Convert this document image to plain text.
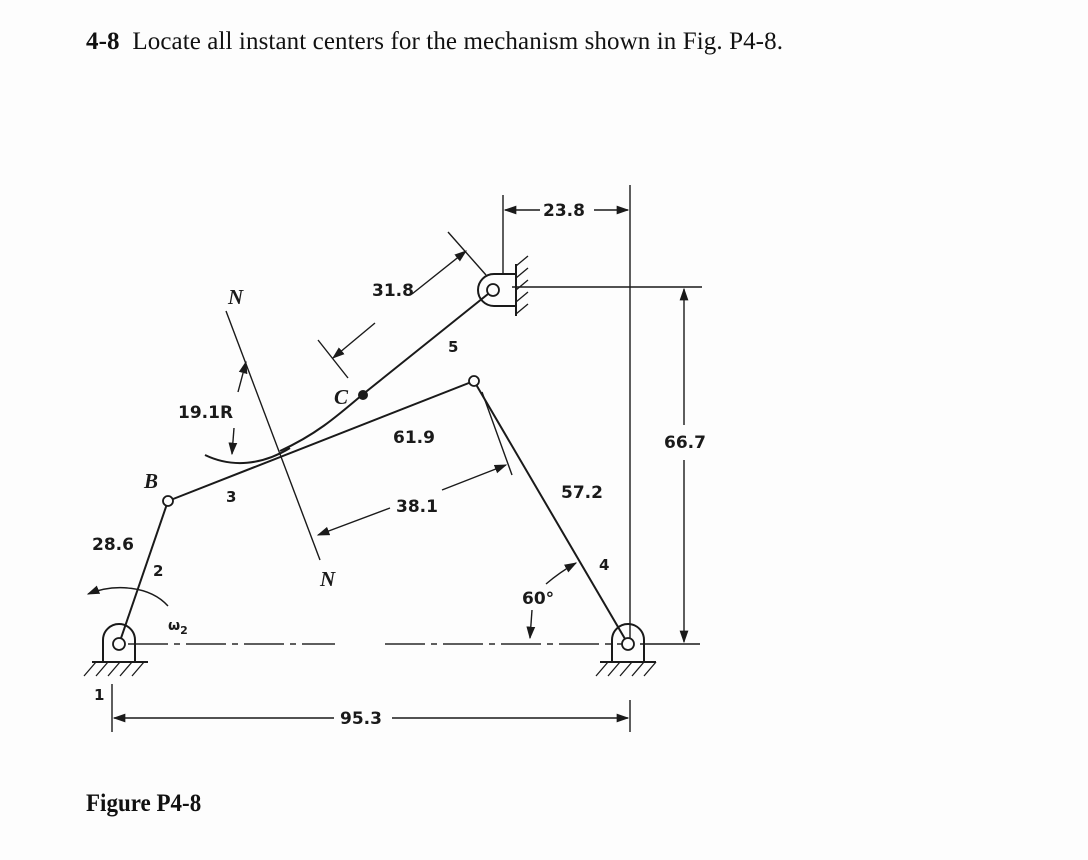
4-8 Locate all instant centers for the mechanism shown in Fig. P4-8.
23.8
66.7
95.3
31.8
38.1
19.1R
60°
28.6
61.9
57.2
1
2
3
4
5
B
C
N
N
$\omega_2$
Figure P4-8
